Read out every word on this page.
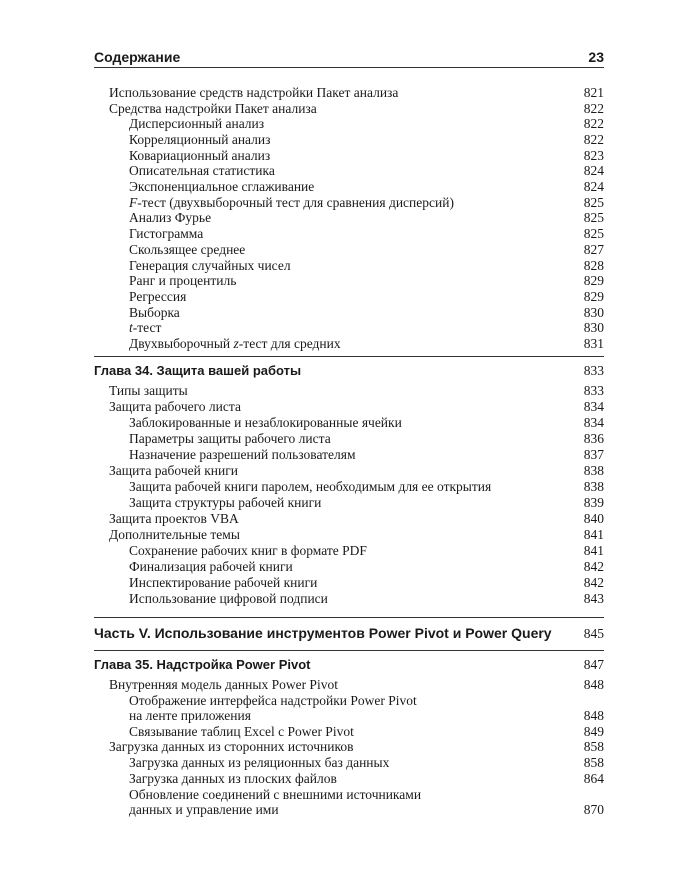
Содержание	23
Использование средств надстройки Пакет анализа	821
Средства надстройки Пакет анализа	822
Дисперсионный анализ	822
Корреляционный анализ	822
Ковариационный анализ	823
Описательная статистика	824
Экспоненциальное сглаживание	824
F-тест (двухвыборочный тест для сравнения дисперсий)	825
Анализ Фурье	825
Гистограмма	825
Скользящее среднее	827
Генерация случайных чисел	828
Ранг и процентиль	829
Регрессия	829
Выборка	830
t-тест	830
Двухвыборочный z-тест для средних	831
Глава 34. Защита вашей работы	833
Типы защиты	833
Защита рабочего листа	834
Заблокированные и незаблокированные ячейки	834
Параметры защиты рабочего листа	836
Назначение разрешений пользователям	837
Защита рабочей книги	838
Защита рабочей книги паролем, необходимым для ее открытия	838
Защита структуры рабочей книги	839
Защита проектов VBA	840
Дополнительные темы	841
Сохранение рабочих книг в формате PDF	841
Финализация рабочей книги	842
Инспектирование рабочей книги	842
Использование цифровой подписи	843
Часть V. Использование инструментов Power Pivot и Power Query 845
Глава 35. Надстройка Power Pivot	847
Внутренняя модель данных Power Pivot	848
Отображение интерфейса надстройки Power Pivot
на ленте приложения	848
Связывание таблиц Excel с Power Pivot	849
Загрузка данных из сторонних источников	858
Загрузка данных из реляционных баз данных	858
Загрузка данных из плоских файлов	864
Обновление соединений с внешними источниками
данных и управление ими	870
